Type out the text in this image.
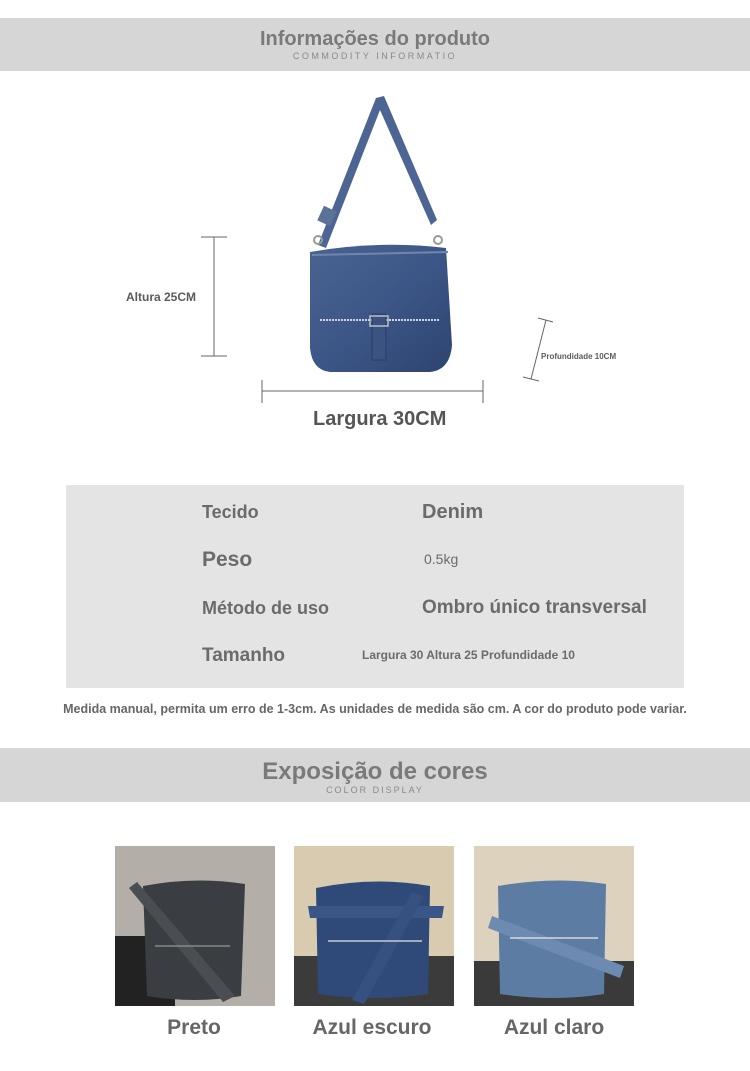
Informações do produto
COMMODITY INFORMATIO
Altura 25CM
Profundidade 10CM
Largura 30CM
Tecido	Denim
Peso	0.5kg
Método de uso	Ombro único transversal
Tamanho	Largura 30 Altura 25 Profundidade 10
Medida manual, permita um erro de 1-3cm. As unidades de medida são cm. A cor do produto pode variar.
Exposição de cores
COLOR DISPLAY
Preto	Azul escuro	Azul claro
